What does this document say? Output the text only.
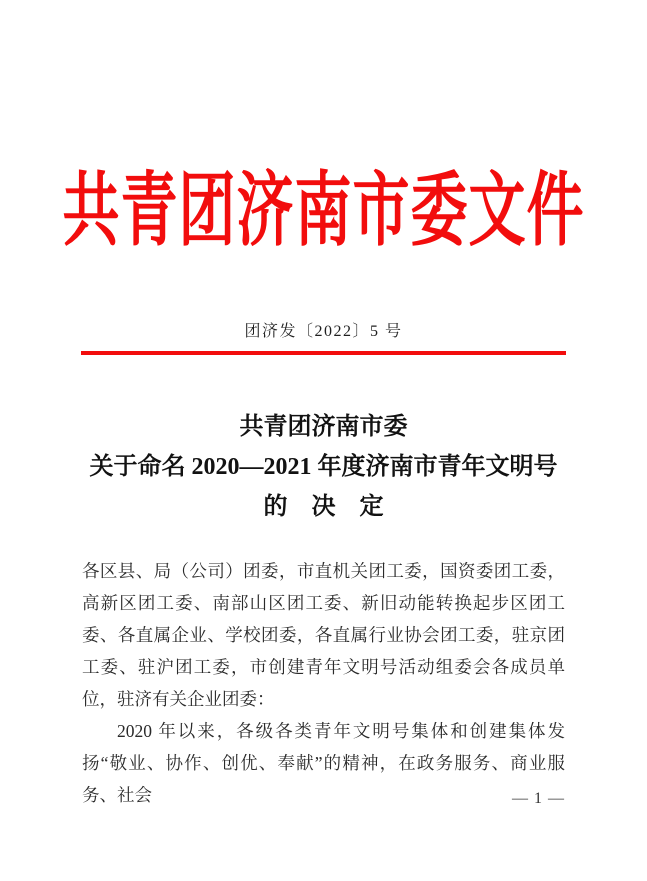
共青团济南市委文件
团济发〔2022〕5 号
共青团济南市委
关于命名 2020—2021 年度济南市青年文明号
的　决　定

各区县、局（公司）团委，市直机关团工委，国资委团工委，高新区团工委、南部山区团工委、新旧动能转换起步区团工委、各直属企业、学校团委，各直属行业协会团工委，驻京团工委、驻沪团工委，市创建青年文明号活动组委会各成员单位，驻济有关企业团委：

2020 年以来，各级各类青年文明号集体和创建集体发扬“敬业、协作、创优、奉献”的精神，在政务服务、商业服务、社会	— 1 —
